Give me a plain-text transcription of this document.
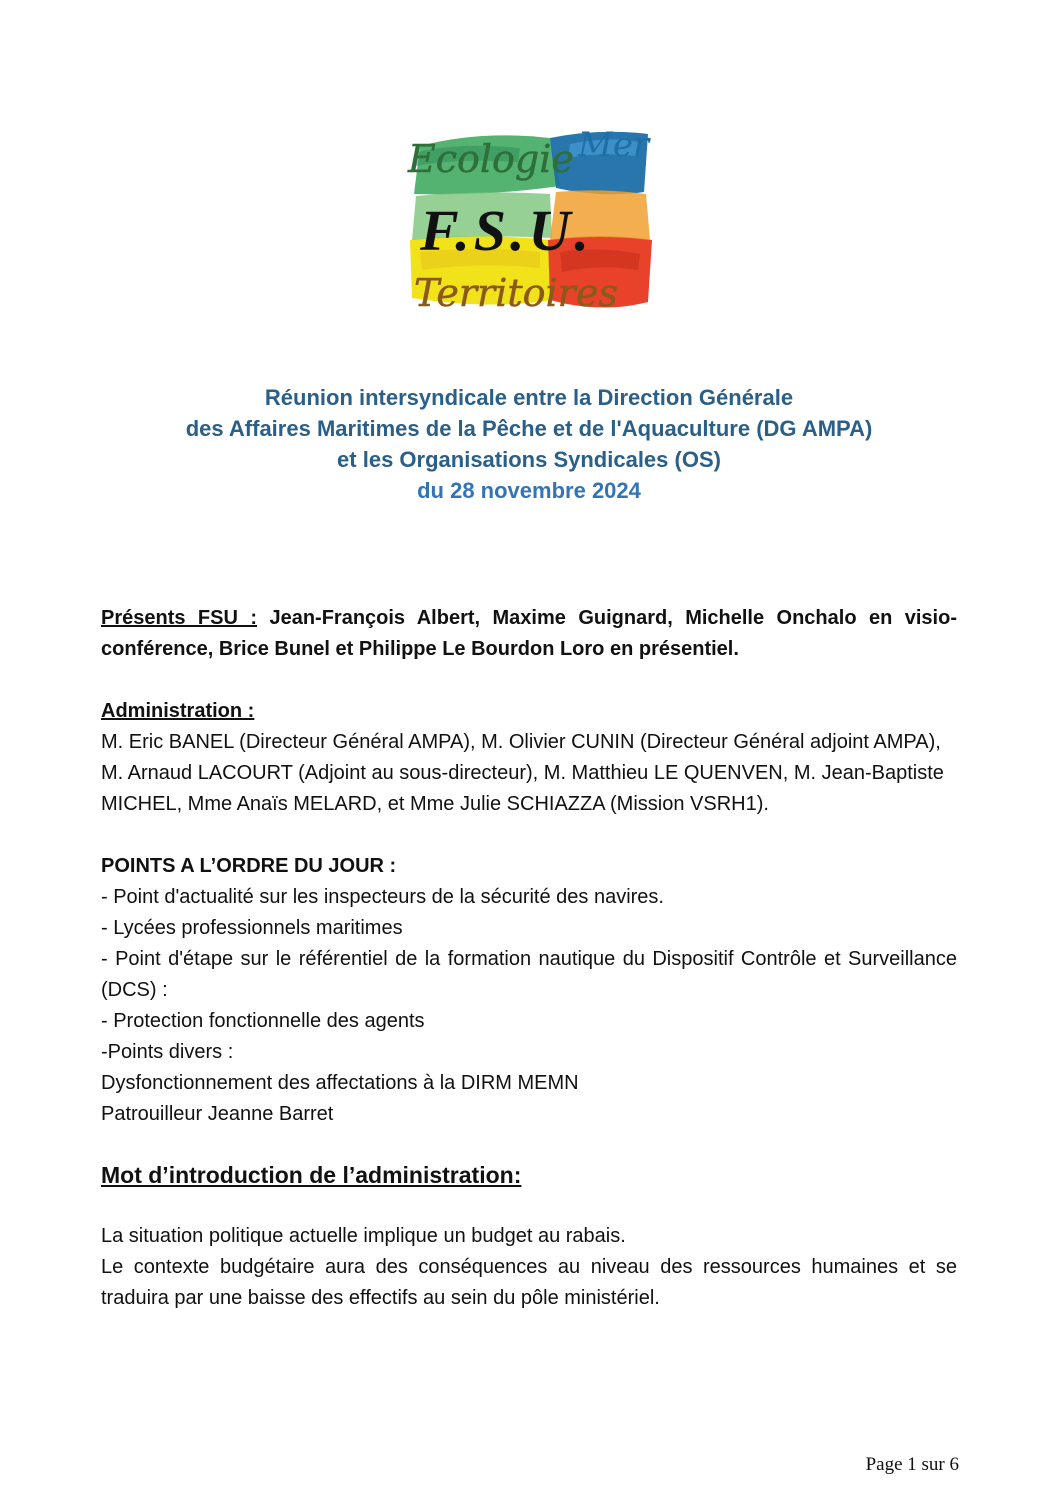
Ecologie Mer
F.S.U.
Territoires
Réunion intersyndicale entre la Direction Générale
des Affaires Maritimes de la Pêche et de l'Aquaculture (DG AMPA)
et les Organisations Syndicales (OS)
du 28 novembre 2024

Présents FSU : Jean-François Albert, Maxime Guignard, Michelle Onchalo en visio-conférence, Brice Bunel et Philippe Le Bourdon Loro en présentiel.

Administration :

M. Eric BANEL (Directeur Général AMPA), M. Olivier CUNIN (Directeur Général adjoint AMPA), M. Arnaud LACOURT (Adjoint au sous-directeur), M. Matthieu LE QUENVEN, M. Jean-Baptiste MICHEL, Mme Anaïs MELARD, et Mme Julie SCHIAZZA (Mission VSRH1).

POINTS A L’ORDRE DU JOUR :

- Point d'actualité sur les inspecteurs de la sécurité des navires.

- Lycées professionnels maritimes

- Point d'étape sur le référentiel de la formation nautique du Dispositif Contrôle et Surveillance (DCS) :

- Protection fonctionnelle des agents

-Points divers :

Dysfonctionnement des affectations à la DIRM MEMN

Patrouilleur Jeanne Barret

Mot d’introduction de l’administration:

La situation politique actuelle implique un budget au rabais.

Le contexte budgétaire aura des conséquences au niveau des ressources humaines et se traduira par une baisse des effectifs au sein du pôle ministériel.

Page 1 sur 6
